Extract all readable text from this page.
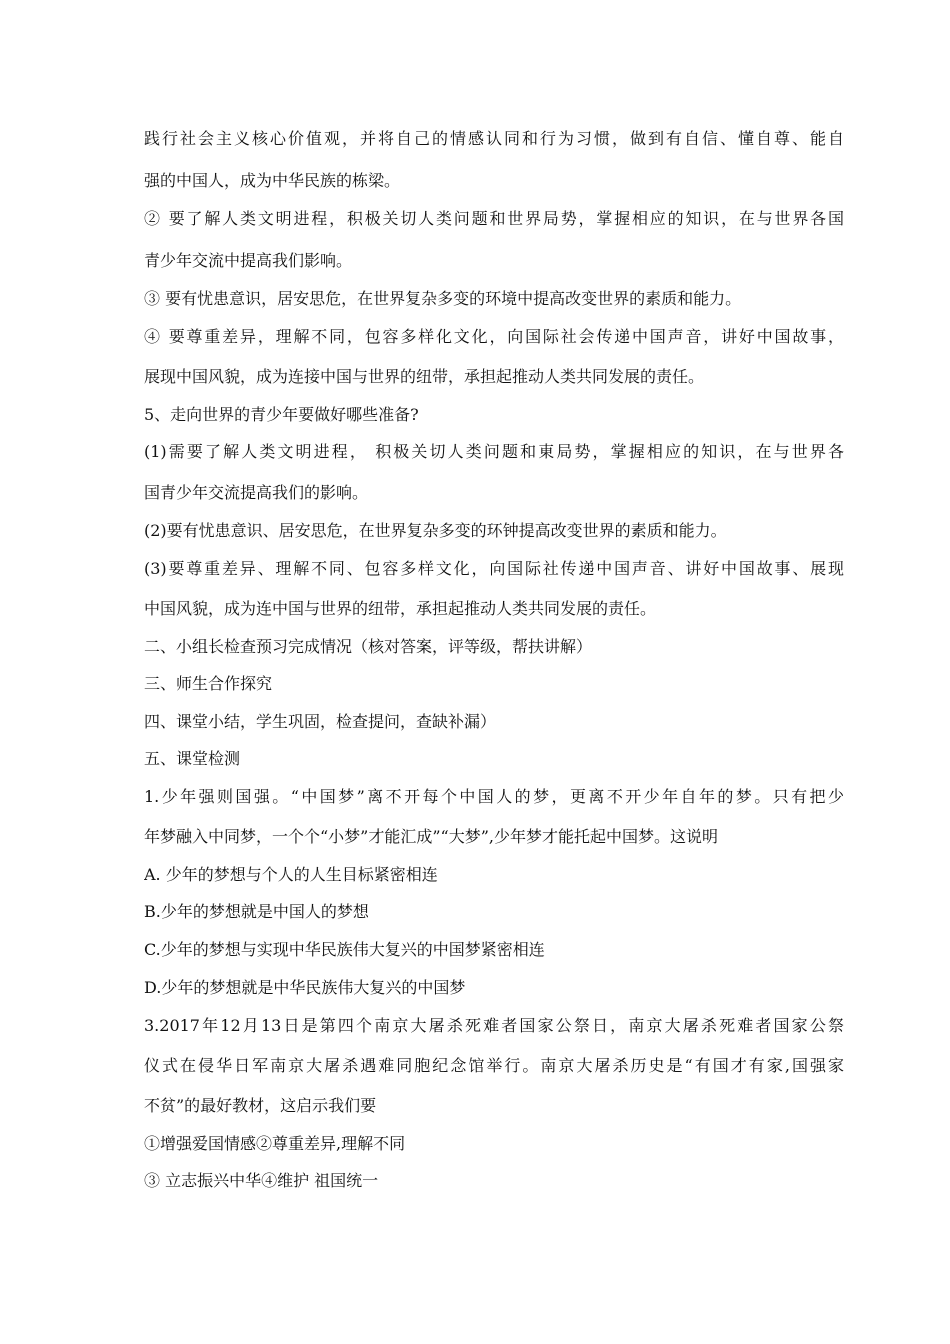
践行社会主义核心价值观，并将自己的情感认同和行为习惯，做到有自信、懂自尊、能自
强的中国人，成为中华民族的栋梁。
② 要了解人类文明进程，积极关切人类问题和世界局势，掌握相应的知识，在与世界各国
青少年交流中提高我们影响。
③ 要有忧患意识，居安思危，在世界复杂多变的环境中提高改变世界的素质和能力。
④ 要尊重差异，理解不同，包容多样化文化，向国际社会传递中国声音，讲好中国故事，
展现中国风貌，成为连接中国与世界的纽带，承担起推动人类共同发展的责任。
5、走向世界的青少年要做好哪些准备?
(1)需要了解人类文明进程， 积极关切人类问题和東局势，掌握相应的知识，在与世界各
国青少年交流提高我们的影响。
(2)要有忧患意识、居安思危，在世界复杂多变的环钟提高改变世界的素质和能力。
(3)要尊重差异、理解不同、包容多样文化，向国际社传递中国声音、讲好中国故事、展现
中国风貌，成为连中国与世界的纽带，承担起推动人类共同发展的责任。
二、小组长检查预习完成情况（核对答案，评等级，帮扶讲解）
三、师生合作探究
四、课堂小结，学生巩固，检查提问，查缺补漏）
五、课堂检测
1.少年强则国强。“中国梦”离不开每个中国人的梦，更离不开少年自年的梦。只有把少
年梦融入中同梦，一个个“小梦”才能汇成”“大梦”,少年梦才能托起中国梦。这说明
A. 少年的梦想与个人的人生目标紧密相连
B.少年的梦想就是中国人的梦想
C.少年的梦想与实现中华民族伟大复兴的中国梦紧密相连
D.少年的梦想就是中华民族伟大复兴的中国梦
3.2017年12月13日是第四个南京大屠杀死难者国家公祭日，南京大屠杀死难者国家公祭
仪式在侵华日军南京大屠杀遇难同胞纪念馆举行。南京大屠杀历史是“有国才有家,国强家
不贫”的最好教材，这启示我们要
①增强爱国情感②尊重差异,理解不同
③ 立志振兴中华④维护 祖国统一
